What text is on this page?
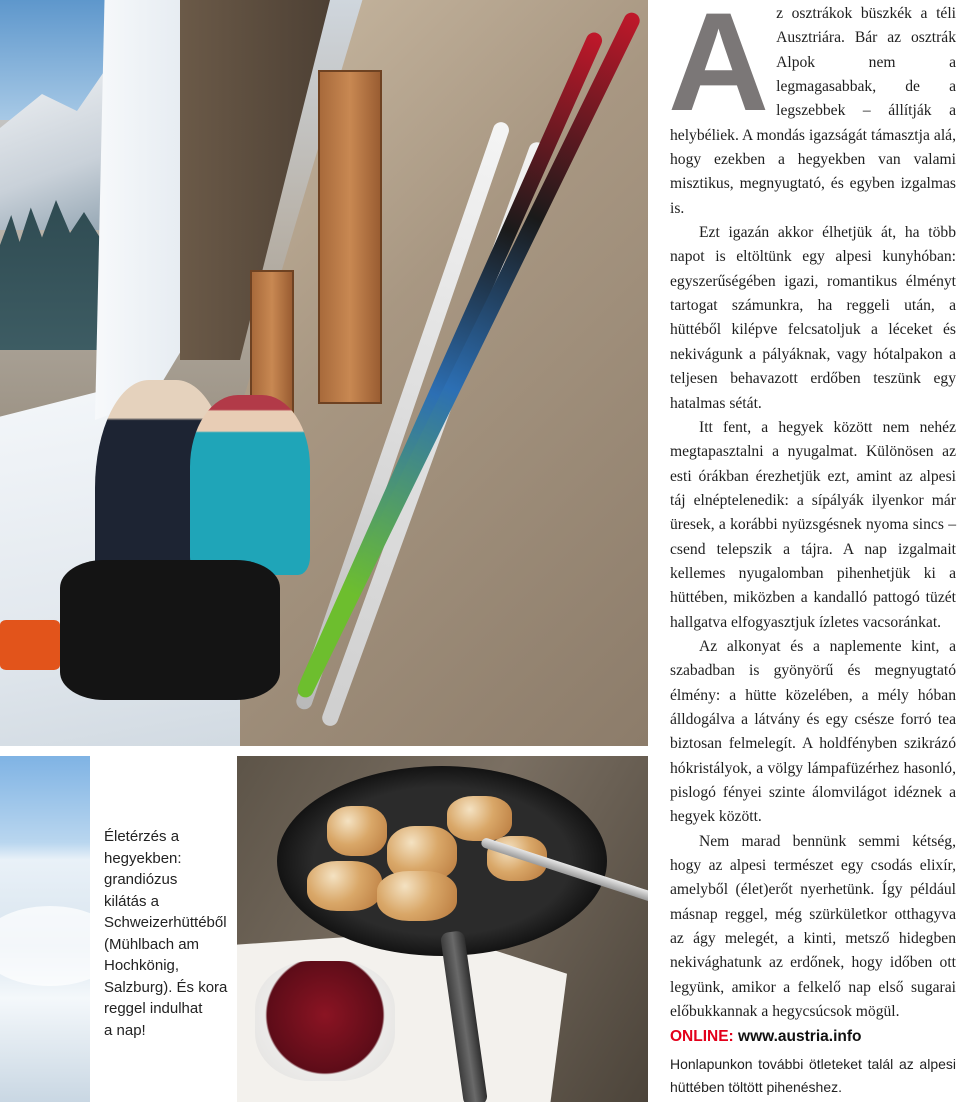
Életérzés a
hegyekben:
grandiózus
kilátás a
Schweizerhüttéből
(Mühlbach am
Hochkönig,
Salzburg). És kora
reggel indulhat
a nap!

Az osztrákok büszkék a téli Ausztriára. Bár az osztrák Alpok nem a legmagasabbak, de a legszebbek – állítják a helybéliek. A mondás igazságát támasztja alá, hogy ezekben a hegyekben van valami misztikus, megnyugtató, és egyben izgalmas is.

Ezt igazán akkor élhetjük át, ha több napot is eltöltünk egy alpesi kunyhóban: egyszerűségében igazi, romantikus élményt tartogat számunkra, ha reggeli után, a hüttéből kilépve felcsatoljuk a léceket és nekivágunk a pályáknak, vagy hótalpakon a teljesen behavazott erdőben teszünk egy hatalmas sétát.

Itt fent, a hegyek között nem nehéz megtapasztalni a nyugalmat. Különösen az esti órákban érezhetjük ezt, amint az alpesi táj elnéptelenedik: a sípályák ilyenkor már üresek, a korábbi nyüzsgésnek nyoma sincs – csend telepszik a tájra. A nap izgalmait kellemes nyugalomban pihenhetjük ki a hüttében, miközben a kandalló pattogó tüzét hallgatva elfogyasztjuk ízletes vacsoránkat.

Az alkonyat és a naplemente kint, a szabadban is gyönyörű és megnyugtató élmény: a hütte közelében, a mély hóban álldogálva a látvány és egy csésze forró tea biztosan felmelegít. A holdfényben szikrázó hókristályok, a völgy lámpafüzérhez hasonló, pislogó fényei szinte álomvilágot idéznek a hegyek között.

Nem marad bennünk semmi kétség, hogy az alpesi természet egy csodás elixír, amelyből (élet)erőt nyerhetünk. Így például másnap reggel, még szürkületkor otthagyva az ágy melegét, a kinti, metsző hidegben nekivághatunk az erdőnek, hogy időben ott legyünk, amikor a felkelő nap első sugarai előbukkannak a hegycsúcsok mögül.

ONLINE: www.austria.info
Honlapunkon további ötleteket talál az alpesi hüttében töltött pihenéshez.
